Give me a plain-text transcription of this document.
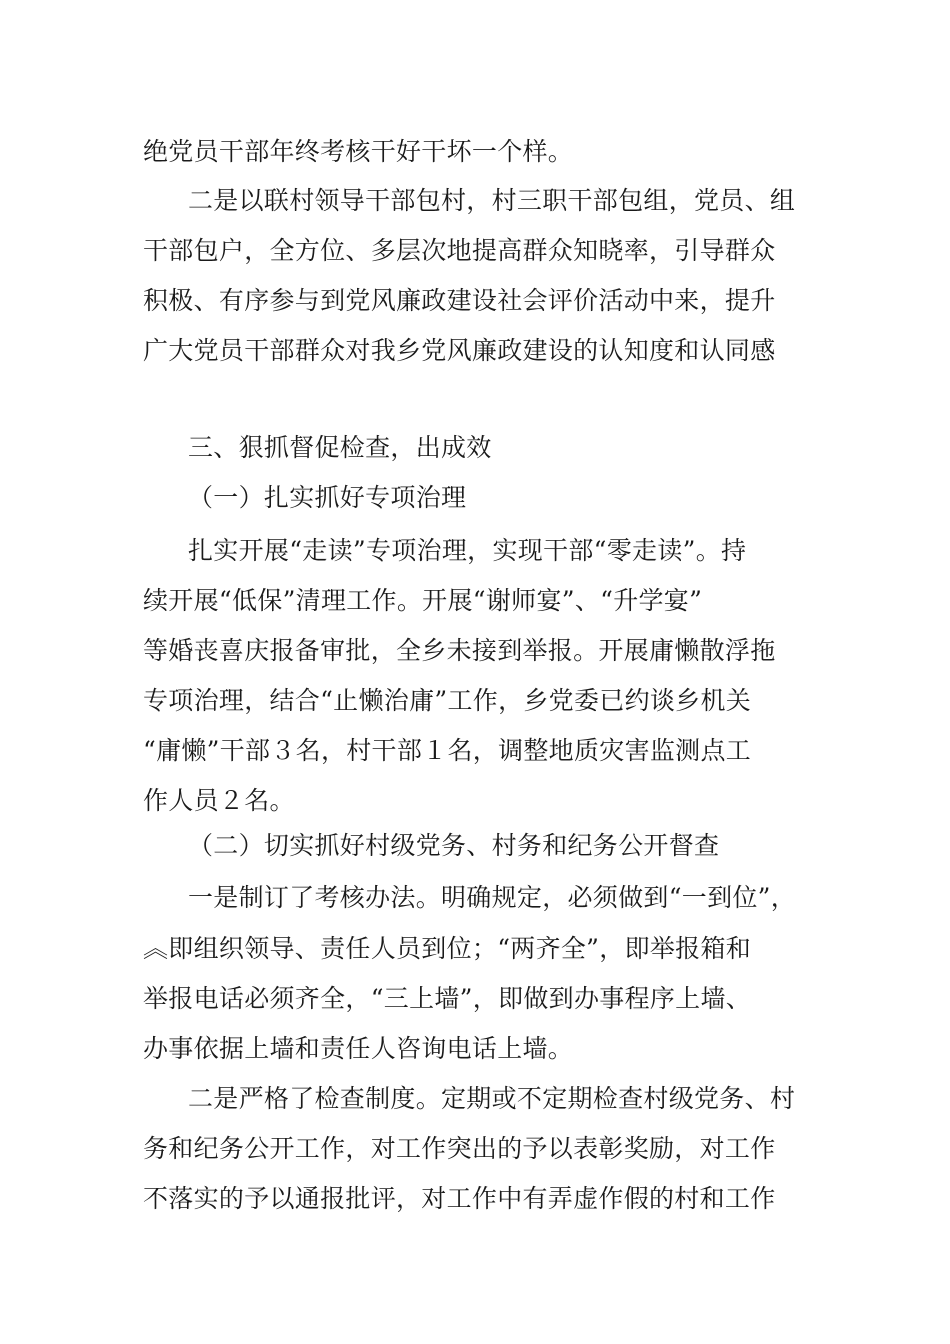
绝党员干部年终考核干好干坏一个样。
二是以联村领导干部包村，村三职干部包组，党员、组
干部包户，全方位、多层次地提高群众知晓率，引导群众
积极、有序参与到党风廉政建设社会评价活动中来，提升
广大党员干部群众对我乡党风廉政建设的认知度和认同感
三、狠抓督促检查，出成效
（一）扎实抓好专项治理
扎实开展“走读”专项治理，实现干部“零走读”。持
续开展“低保”清理工作。开展“谢师宴”、“升学宴”
等婚丧喜庆报备审批，全乡未接到举报。开展庸懒散浮拖
专项治理，结合“止懒治庸”工作，乡党委已约谈乡机关
“庸懒”干部３名，村干部１名，调整地质灾害监测点工
作人员２名。
（二）切实抓好村级党务、村务和纪务公开督查
一是制订了考核办法。明确规定，必须做到“一到位”，
︽即组织领导、责任人员到位；“两齐全”，即举报箱和
举报电话必须齐全，“三上墙”，即做到办事程序上墙、
办事依据上墙和责任人咨询电话上墙。
二是严格了检查制度。定期或不定期检查村级党务、村
务和纪务公开工作，对工作突出的予以表彰奖励，对工作
不落实的予以通报批评，对工作中有弄虚作假的村和工作
